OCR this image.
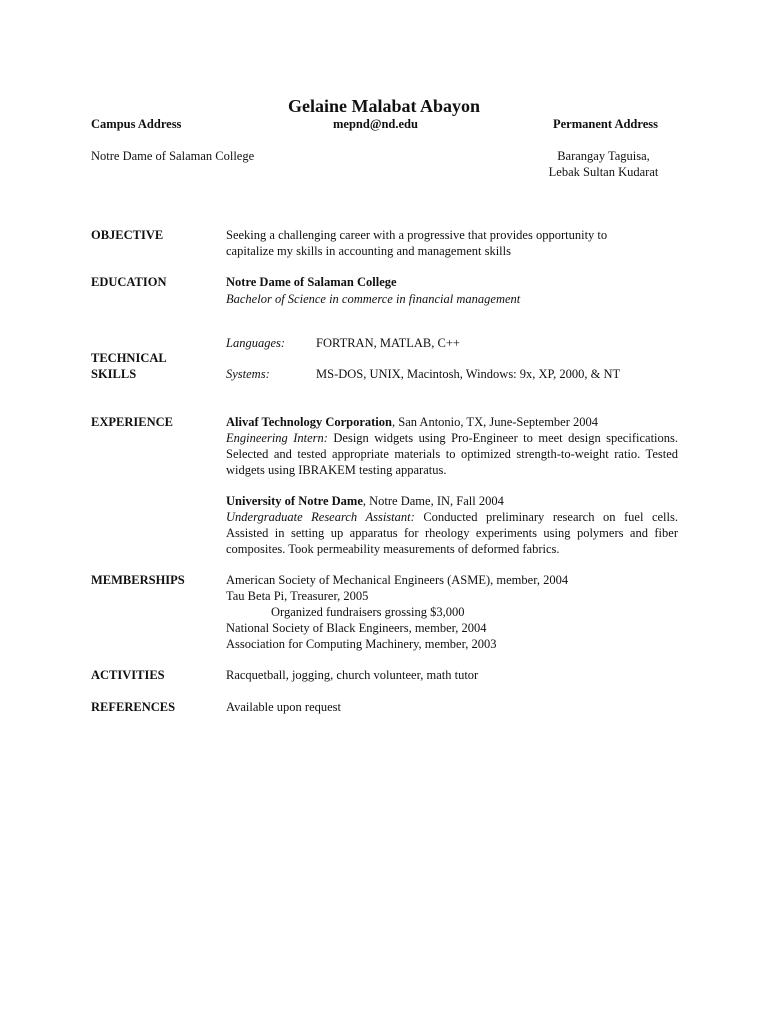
Gelaine Malabat Abayon
Campus Address	mepnd@nd.edu	Permanent Address
Notre Dame of Salaman College	Barangay Taguisa,
Lebak Sultan Kudarat
OBJECTIVE	Seeking a challenging career with a progressive that provides opportunity to
capitalize my skills in accounting and management skills
EDUCATION	Notre Dame of Salaman College
Bachelor of Science in commerce in financial management
TECHNICAL
SKILLS
Languages: FORTRAN, MATLAB, C++
Systems:	MS-DOS, UNIX, Macintosh, Windows: 9x, XP, 2000, & NT
EXPERIENCE	Alivaf Technology Corporation, San Antonio, TX, June-September 2004
Engineering Intern: Design widgets using Pro-Engineer to meet design specifications. Selected and tested appropriate materials to optimized strength-to-weight ratio. Tested widgets using IBRAKEM testing apparatus.
University of Notre Dame, Notre Dame, IN, Fall 2004
Undergraduate Research Assistant: Conducted preliminary research on fuel cells. Assisted in setting up apparatus for rheology experiments using polymers and fiber composites. Took permeability measurements of deformed fabrics.
MEMBERSHIPS	American Society of Mechanical Engineers (ASME), member, 2004
Tau Beta Pi, Treasurer, 2005
Organized fundraisers grossing $3,000
National Society of Black Engineers, member, 2004
Association for Computing Machinery, member, 2003
ACTIVITIES	Racquetball, jogging, church volunteer, math tutor
REFERENCES	Available upon request
